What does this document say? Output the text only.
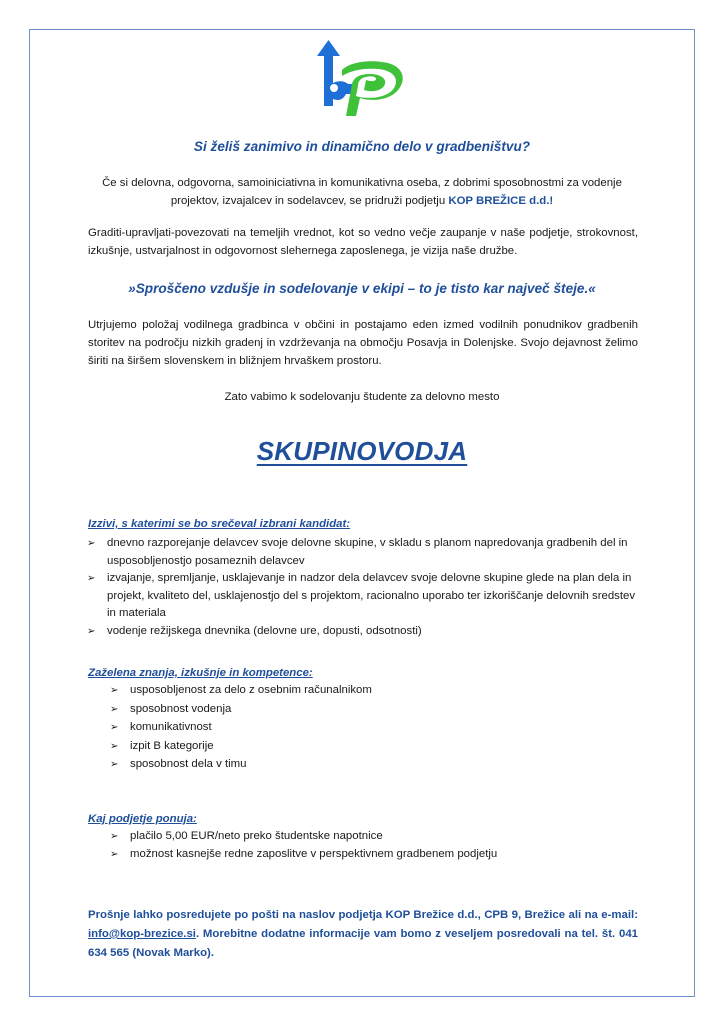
Si želiš zanimivo in dinamično delo v gradbeništvu?
Če si delovna, odgovorna, samoiniciativna in komunikativna oseba, z dobrimi sposobnostmi za vodenje projektov, izvajalcev in sodelavcev, se pridruži podjetju KOP BREŽICE d.d.!
Graditi-upravljati-povezovati na temeljih vrednot, kot so vedno večje zaupanje v naše podjetje, strokovnost, izkušnje, ustvarjalnost in odgovornost slehernega zaposlenega, je vizija naše družbe.
»Sproščeno vzdušje in sodelovanje v ekipi – to je tisto kar največ šteje.«
Utrjujemo položaj vodilnega gradbinca v občini in postajamo eden izmed vodilnih ponudnikov gradbenih storitev na področju nizkih gradenj in vzdrževanja na območju Posavja in Dolenjske. Svojo dejavnost želimo širiti na širšem slovenskem in bližnjem hrvaškem prostoru.
Zato vabimo k sodelovanju študente za delovno mesto
SKUPINOVODJA
Izzivi, s katerimi se bo srečeval izbrani kandidat:
➢ dnevno razporejanje delavcev svoje delovne skupine, v skladu s planom napredovanja gradbenih del in usposobljenostjo posameznih delavcev
➢ izvajanje, spremljanje, usklajevanje in nadzor dela delavcev svoje delovne skupine glede na plan dela in projekt, kvaliteto del, usklajenostjo del s projektom, racionalno uporabo ter izkoriščanje delovnih sredstev in materiala
➢ vodenje režijskega dnevnika (delovne ure, dopusti, odsotnosti)
Zaželena znanja, izkušnje in kompetence:
➢ usposobljenost za delo z osebnim računalnikom
➢ sposobnost vodenja
➢ komunikativnost
➢ izpit B kategorije
➢ sposobnost dela v timu
Kaj podjetje ponuja:
➢ plačilo 5,00 EUR/neto preko študentske napotnice
➢ možnost kasnejše redne zaposlitve v perspektivnem gradbenem podjetju
Prošnje lahko posredujete po pošti na naslov podjetja KOP Brežice d.d., CPB 9, Brežice ali na e-mail: info@kop-brezice.si. Morebitne dodatne informacije vam bomo z veseljem posredovali na tel. št. 041 634 565 (Novak Marko).
